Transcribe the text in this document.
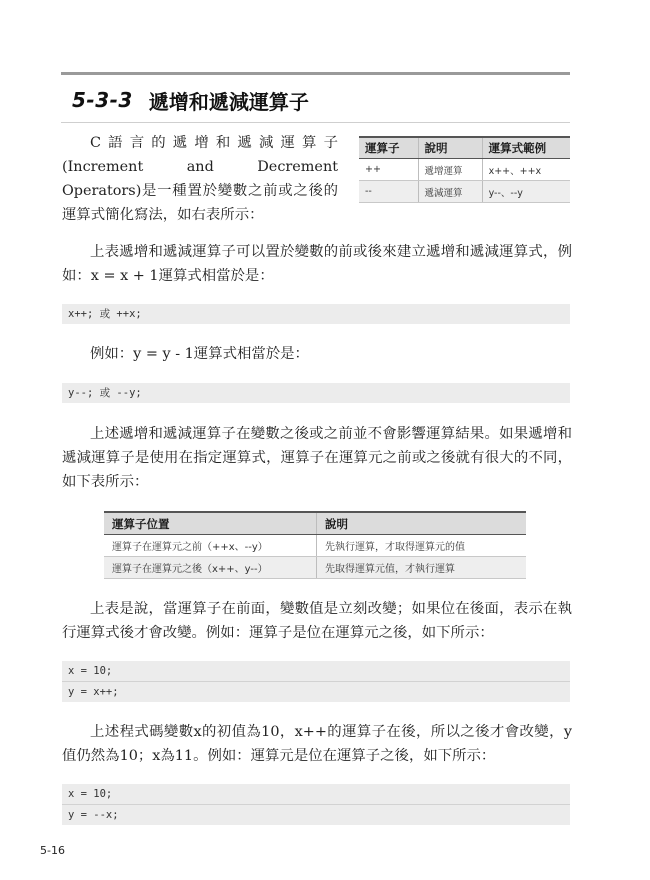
5-3-3 遞增和遞減運算子

C語言的遞增和遞減運算子(Increment and Decrement Operators)是一種置於變數之前或之後的運算式簡化寫法，如右表所示：

運算子	說明	運算式範例
++	遞增運算	x++、++x
--	遞減運算	y--、--y

上表遞增和遞減運算子可以置於變數的前或後來建立遞增和遞減運算式，例如：x = x + 1運算式相當於是：

x++; 或 ++x;

例如：y = y - 1運算式相當於是：

y--; 或 --y;

上述遞增和遞減運算子在變數之後或之前並不會影響運算結果。如果遞增和遞減運算子是使用在指定運算式，運算子在運算元之前或之後就有很大的不同，如下表所示：

運算子位置	說明
運算子在運算元之前（++x、--y）	先執行運算，才取得運算元的值
運算子在運算元之後（x++、y--）	先取得運算元值，才執行運算

上表是說，當運算子在前面，變數值是立刻改變；如果位在後面，表示在執行運算式後才會改變。例如：運算子是位在運算元之後，如下所示：

x = 10;
y = x++;

上述程式碼變數x的初值為10，x++的運算子在後，所以之後才會改變，y值仍然為10；x為11。例如：運算元是位在運算子之後，如下所示：

x = 10;
y = --x;
5-16
